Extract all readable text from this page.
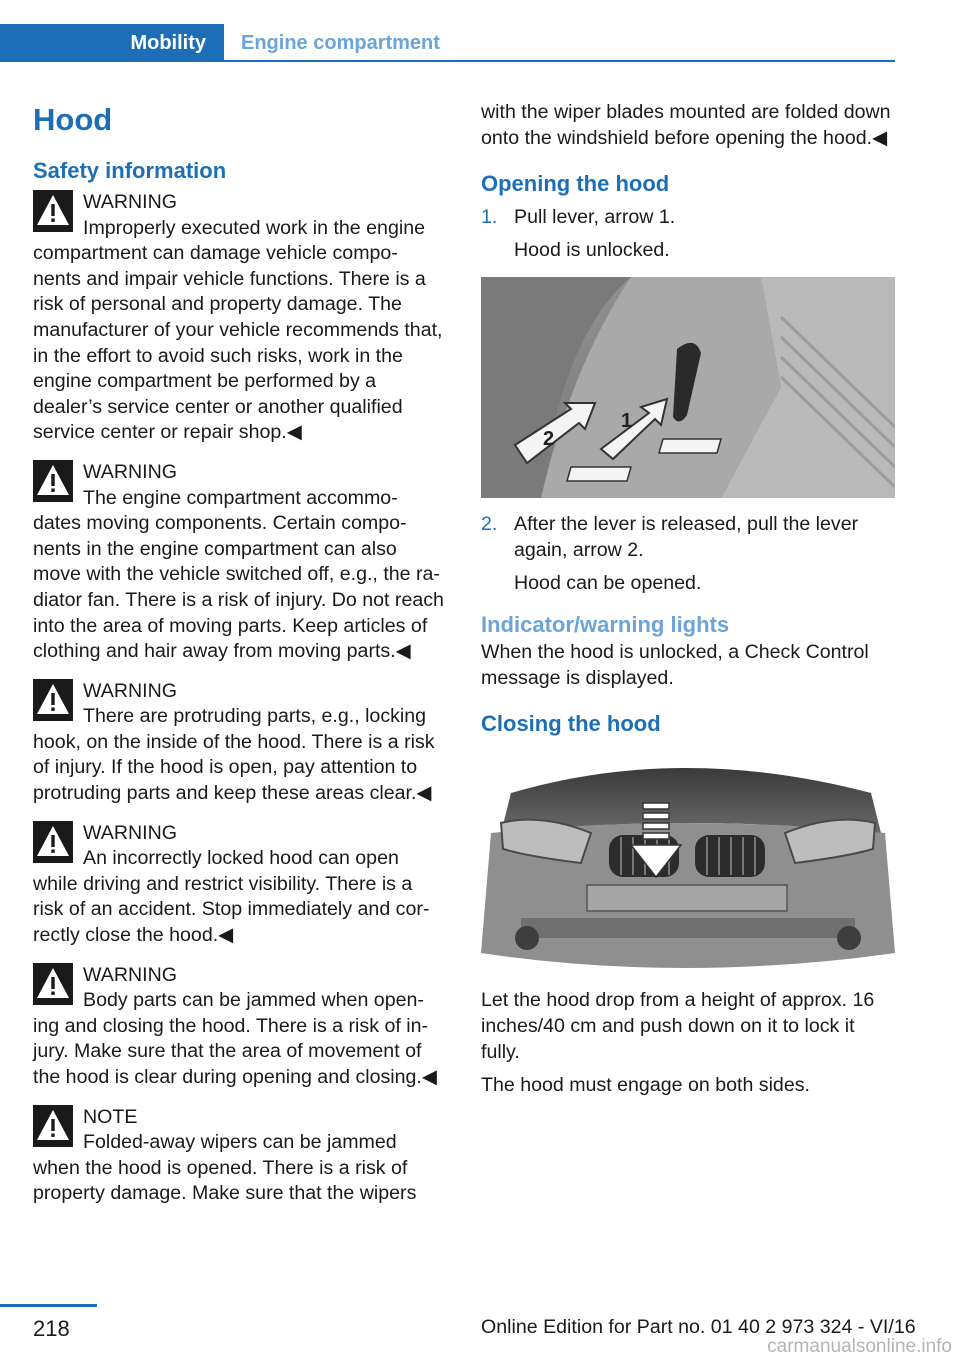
Mobility	Engine compartment
Hood
Safety information
WARNING
Improperly executed work in the engine

compartment can damage vehicle compo‐ nents and impair vehicle functions. There is a risk of personal and property damage. The manufacturer of your vehicle recommends that, in the effort to avoid such risks, work in the engine compartment be performed by a dealer’s service center or another qualified service center or repair shop.◀

WARNING
The engine compartment accommo‐

dates moving components. Certain compo‐ nents in the engine compartment can also move with the vehicle switched off, e.g., the ra‐ diator fan. There is a risk of injury. Do not reach into the area of moving parts. Keep articles of clothing and hair away from moving parts.◀

WARNING
There are protruding parts, e.g., locking

hook, on the inside of the hood. There is a risk of injury. If the hood is open, pay attention to protruding parts and keep these areas clear.◀

WARNING
An incorrectly locked hood can open

while driving and restrict visibility. There is a risk of an accident. Stop immediately and cor‐ rectly close the hood.◀

WARNING
Body parts can be jammed when open‐

ing and closing the hood. There is a risk of in‐ jury. Make sure that the area of movement of the hood is clear during opening and closing.◀

NOTE
Folded-away wipers can be jammed

when the hood is opened. There is a risk of property damage. Make sure that the wipers

with the wiper blades mounted are folded down onto the windshield before opening the hood.◀

Opening the hood
1. Pull lever, arrow 1.
Hood is unlocked.
1
2
2. After the lever is released, pull the lever again, arrow 2.
Hood can be opened.
Indicator/warning lights

When the hood is unlocked, a Check Control message is displayed.

Closing the hood

Let the hood drop from a height of approx. 16 inches/40 cm and push down on it to lock it fully.

The hood must engage on both sides.

218	Online Edition for Part no. 01 40 2 973 324 - VI/16
carmanualsonline.info
